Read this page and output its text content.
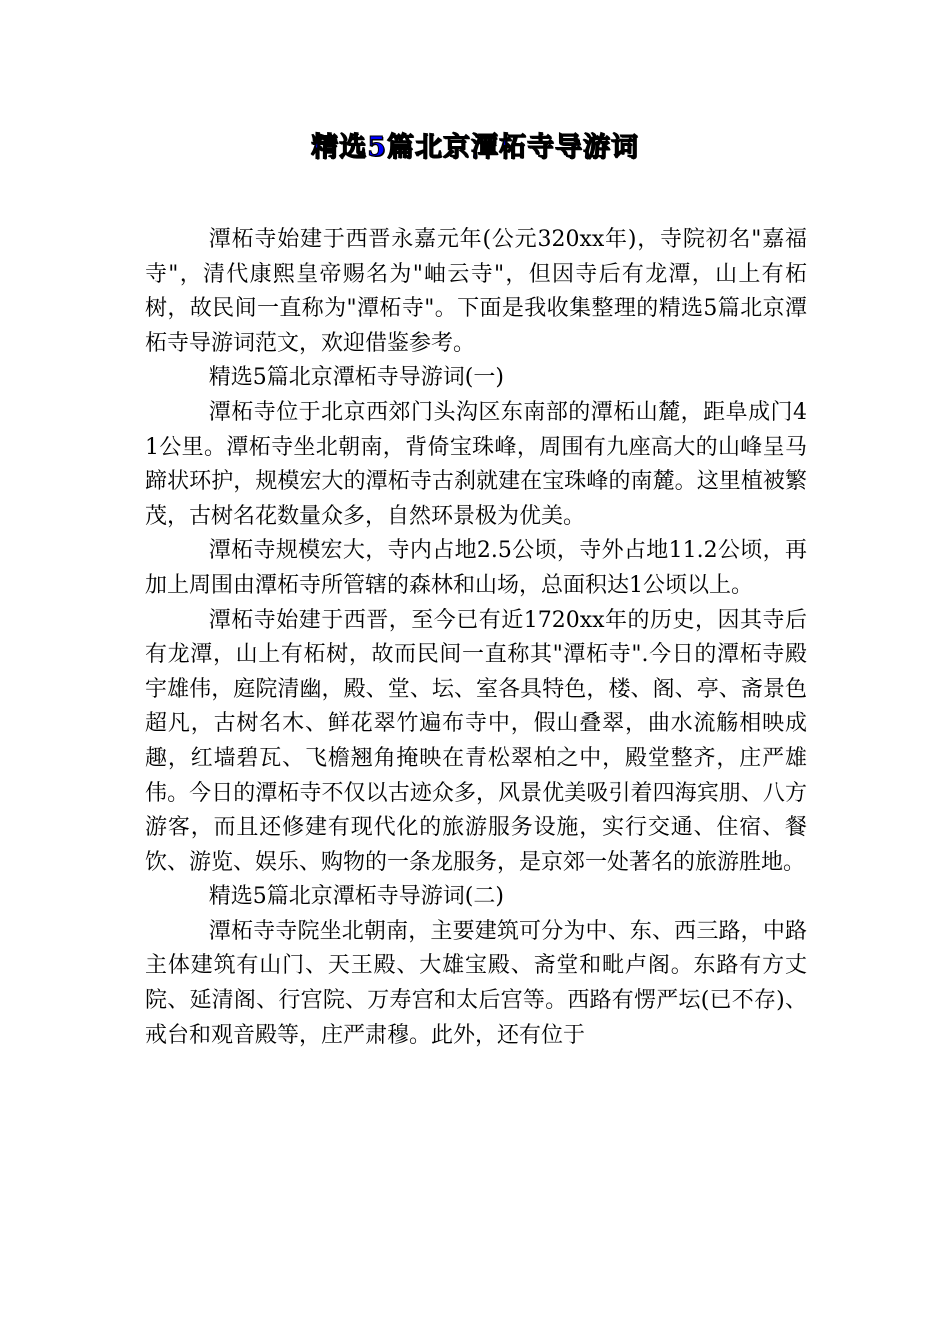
精选5篇北京潭柘寺导游词

潭柘寺始建于西晋永嘉元年(公元320xx年)，寺院初名"嘉福寺"，清代康熙皇帝赐名为"岫云寺"，但因寺后有龙潭，山上有柘树，故民间一直称为"潭柘寺"。下面是我收集整理的精选5篇北京潭柘寺导游词范文，欢迎借鉴参考。

精选5篇北京潭柘寺导游词(一)

潭柘寺位于北京西郊门头沟区东南部的潭柘山麓，距阜成门41公里。潭柘寺坐北朝南，背倚宝珠峰，周围有九座高大的山峰呈马蹄状环护，规模宏大的潭柘寺古刹就建在宝珠峰的南麓。这里植被繁茂，古树名花数量众多，自然环景极为优美。

潭柘寺规模宏大，寺内占地2.5公顷，寺外占地11.2公顷，再加上周围由潭柘寺所管辖的森林和山场，总面积达1公顷以上。

潭柘寺始建于西晋，至今已有近1720xx年的历史，因其寺后有龙潭，山上有柘树，故而民间一直称其"潭柘寺".今日的潭柘寺殿宇雄伟，庭院清幽，殿、堂、坛、室各具特色，楼、阁、亭、斋景色超凡，古树名木、鲜花翠竹遍布寺中，假山叠翠，曲水流觞相映成趣，红墙碧瓦、飞檐翘角掩映在青松翠柏之中，殿堂整齐，庄严雄伟。今日的潭柘寺不仅以古迹众多，风景优美吸引着四海宾朋、八方游客，而且还修建有现代化的旅游服务设施，实行交通、住宿、餐饮、游览、娱乐、购物的一条龙服务，是京郊一处著名的旅游胜地。

精选5篇北京潭柘寺导游词(二)

潭柘寺寺院坐北朝南，主要建筑可分为中、东、西三路，中路主体建筑有山门、天王殿、大雄宝殿、斋堂和毗卢阁。东路有方丈院、延清阁、行宫院、万寿宫和太后宫等。西路有愣严坛(已不存)、戒台和观音殿等，庄严肃穆。此外，还有位于
